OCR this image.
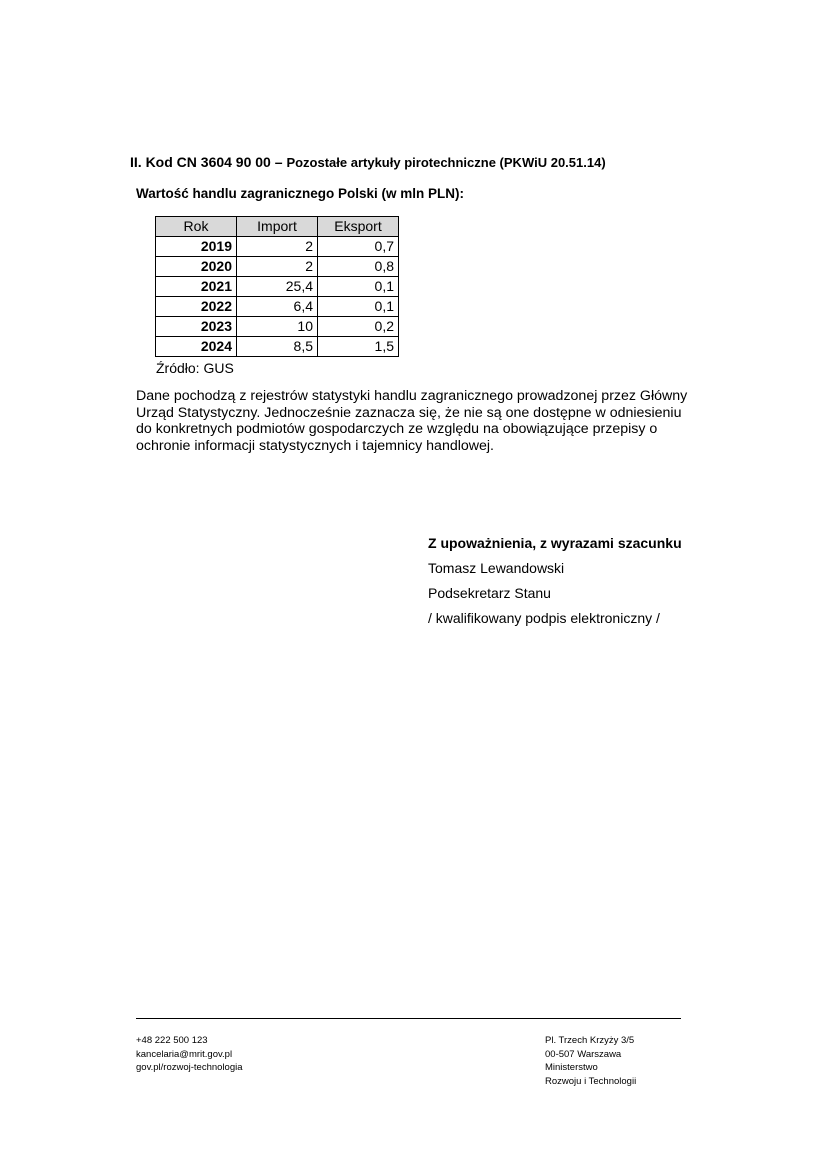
II. Kod CN 3604 90 00 – Pozostałe artykuły pirotechniczne (PKWiU 20.51.14)
Wartość handlu zagranicznego Polski (w mln PLN):
Rok	Import	Eksport
2019	2	0,7
2020	2	0,8
2021	25,4	0,1
2022	6,4	0,1
2023	10	0,2
2024	8,5	1,5
Źródło: GUS
Dane pochodzą z rejestrów statystyki handlu zagranicznego prowadzonej przez Główny Urząd Statystyczny. Jednocześnie zaznacza się, że nie są one dostępne w odniesieniu do konkretnych podmiotów gospodarczych ze względu na obowiązujące przepisy o ochronie informacji statystycznych i tajemnicy handlowej.
Z upoważnienia, z wyrazami szacunku
Tomasz Lewandowski
Podsekretarz Stanu
/ kwalifikowany podpis elektroniczny /
+48 222 500 123
kancelaria@mrit.gov.pl
gov.pl/rozwoj-technologia
Pl. Trzech Krzyży 3/5
00-507 Warszawa
Ministerstwo
Rozwoju i Technologii
